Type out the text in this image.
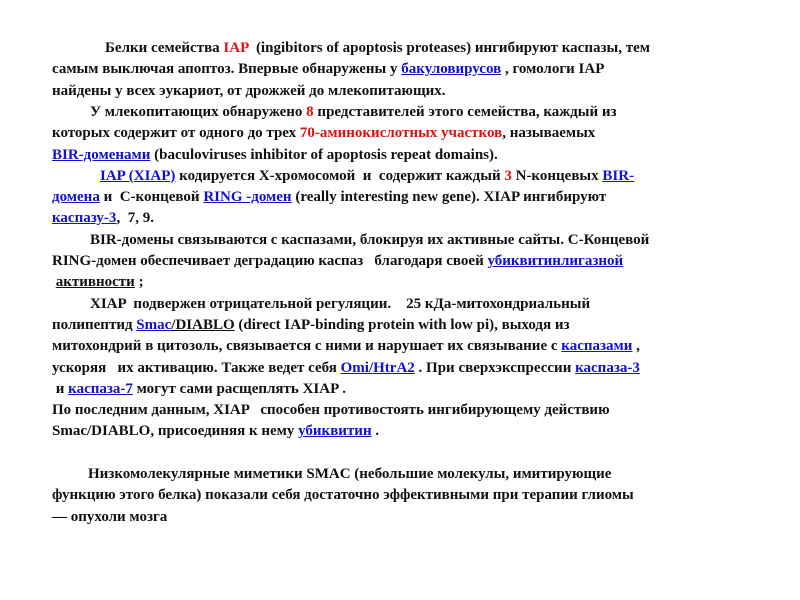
Белки семейства IAP  (ingibitors of apoptosis proteases) ингибируют каспазы, тем
самым выключая апоптоз. Впервые обнаружены у бакуловирусов , гомологи IAP
найдены у всех эукариот, от дрожжей до млекопитающих.
У млекопитающих обнаружено 8 представителей этого семейства, каждый из
которых содержит от одного до трех 70-аминокислотных участков, называемых
BIR-доменами (baculoviruses inhibitor of apoptosis repeat domains).
IAP (XIAP) кодируется Х-хромосомой  и  содержит каждый 3 N-концевых BIR-
домена и  С-концевой RING -домен (really interesting new gene). XIAP ингибируют
каспазу-3,  7, 9.
BIR-домены связываются с каспазами, блокируя их активные сайты. С-Концевой
RING-домен обеспечивает деградацию каспаз   благодаря своей убиквитинлигазной
активности ;
XIAP  подвержен отрицательной регуляции.    25 кДа-митохондриальный
полипептид Smac/DIABLO (direct IAP-binding protein with low pi), выходя из
митохондрий в цитозоль, связывается с ними и нарушает их связывание с каспазами ,
ускоряя   их активацию. Также ведет себя Omi/HtrA2 . При сверхэкспрессии каспаза-3
и каспаза-7 могут сами расщеплять XIAP .
По последним данным, XIAP   способен противостоять ингибирующему действию
Smac/DIABLO, присоединяя к нему убиквитин .
Низкомолекулярные миметики SMAC (небольшие молекулы, имитирующие
функцию этого белка) показали себя достаточно эффективными при терапии глиомы
— опухоли мозга
